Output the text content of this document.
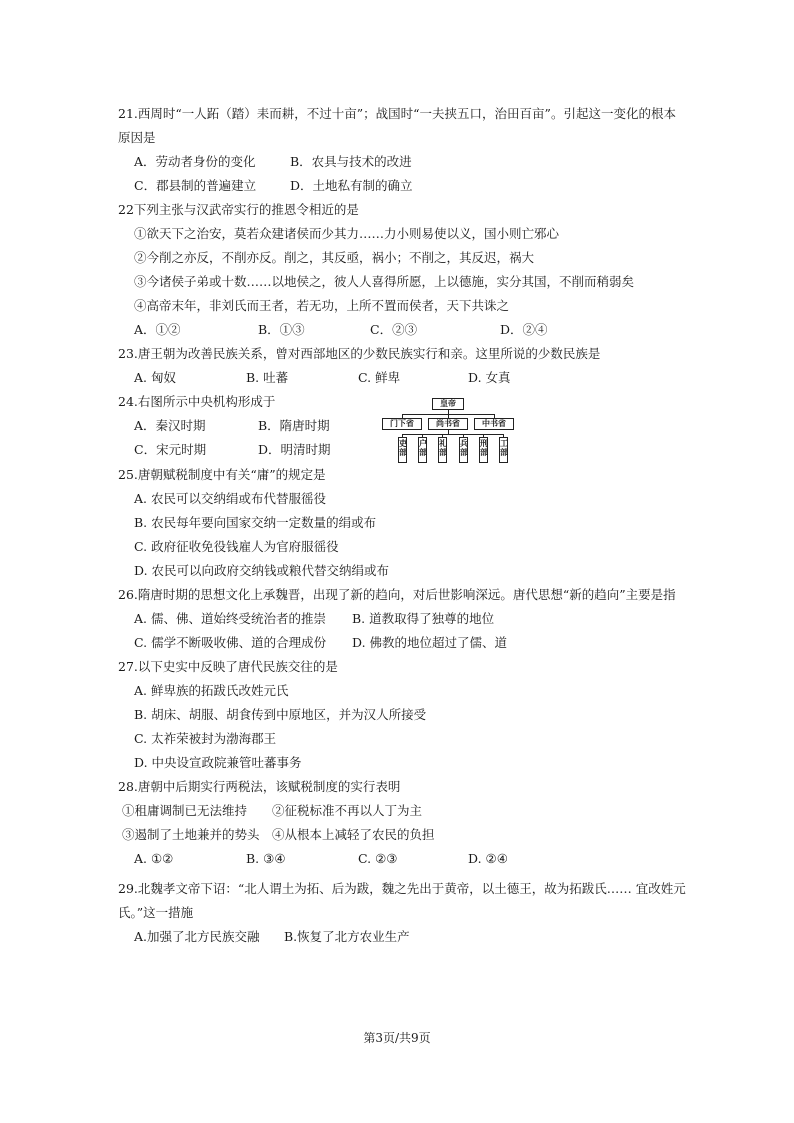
21.西周时“一人跖（踏）耒而耕，不过十亩”；战国时“一夫挟五口，治田百亩”。引起这一变化的根本
原因是
A．劳动者身份的变化	B．农具与技术的改进
C．郡县制的普遍建立	D．土地私有制的确立
22下列主张与汉武帝实行的推恩令相近的是
①欲天下之治安，莫若众建诸侯而少其力……力小则易使以义，国小则亡邪心
②今削之亦反，不削亦反。削之，其反亟，祸小；不削之，其反迟，祸大
③今诸侯子弟或十数……以地侯之，彼人人喜得所愿，上以德施，实分其国，不削而稍弱矣
④高帝末年，非刘氏而王者，若无功，上所不置而侯者，天下共诛之
A．①②	B．①③	C．②③	D．②④
23.唐王朝为改善民族关系，曾对西部地区的少数民族实行和亲。这里所说的少数民族是
A. 匈奴	B. 吐蕃	C. 鲜卑	D. 女真
24.右图所示中央机构形成于
A．秦汉时期	B．隋唐时期
C．宋元时期	D．明清时期
皇帝
门下省	尚书省	中书省
吏部
户部
礼部
兵部
刑部
工部
25.唐朝赋税制度中有关“庸”的规定是
A. 农民可以交纳绢或布代替服徭役
B. 农民每年要向国家交纳一定数量的绢或布
C. 政府征收免役钱雇人为官府服徭役
D. 农民可以向政府交纳钱或粮代替交纳绢或布
26.隋唐时期的思想文化上承魏晋，出现了新的趋向，对后世影响深远。唐代思想“新的趋向”主要是指
A. 儒、佛、道始终受统治者的推崇 B. 道教取得了独尊的地位
C. 儒学不断吸收佛、道的合理成份 D. 佛教的地位超过了儒、道
27.以下史实中反映了唐代民族交往的是
A. 鲜卑族的拓跋氏改姓元氏
B. 胡床、胡服、胡食传到中原地区，并为汉人所接受
C. 太祚荣被封为渤海郡王
D. 中央设宣政院兼管吐蕃事务
28.唐朝中后期实行两税法，该赋税制度的实行表明
①租庸调制已无法维持 ②征税标准不再以人丁为主
③遏制了土地兼并的势头 ④从根本上减轻了农民的负担
A. ①②	B. ③④	C. ②③	D. ②④
29.北魏孝文帝下诏：“北人谓土为拓、后为跋，魏之先出于黄帝，以土德王，故为拓跋氏…… 宜改姓元
氏。”这一措施
A.加强了北方民族交融 B.恢复了北方农业生产
第3页/共9页
